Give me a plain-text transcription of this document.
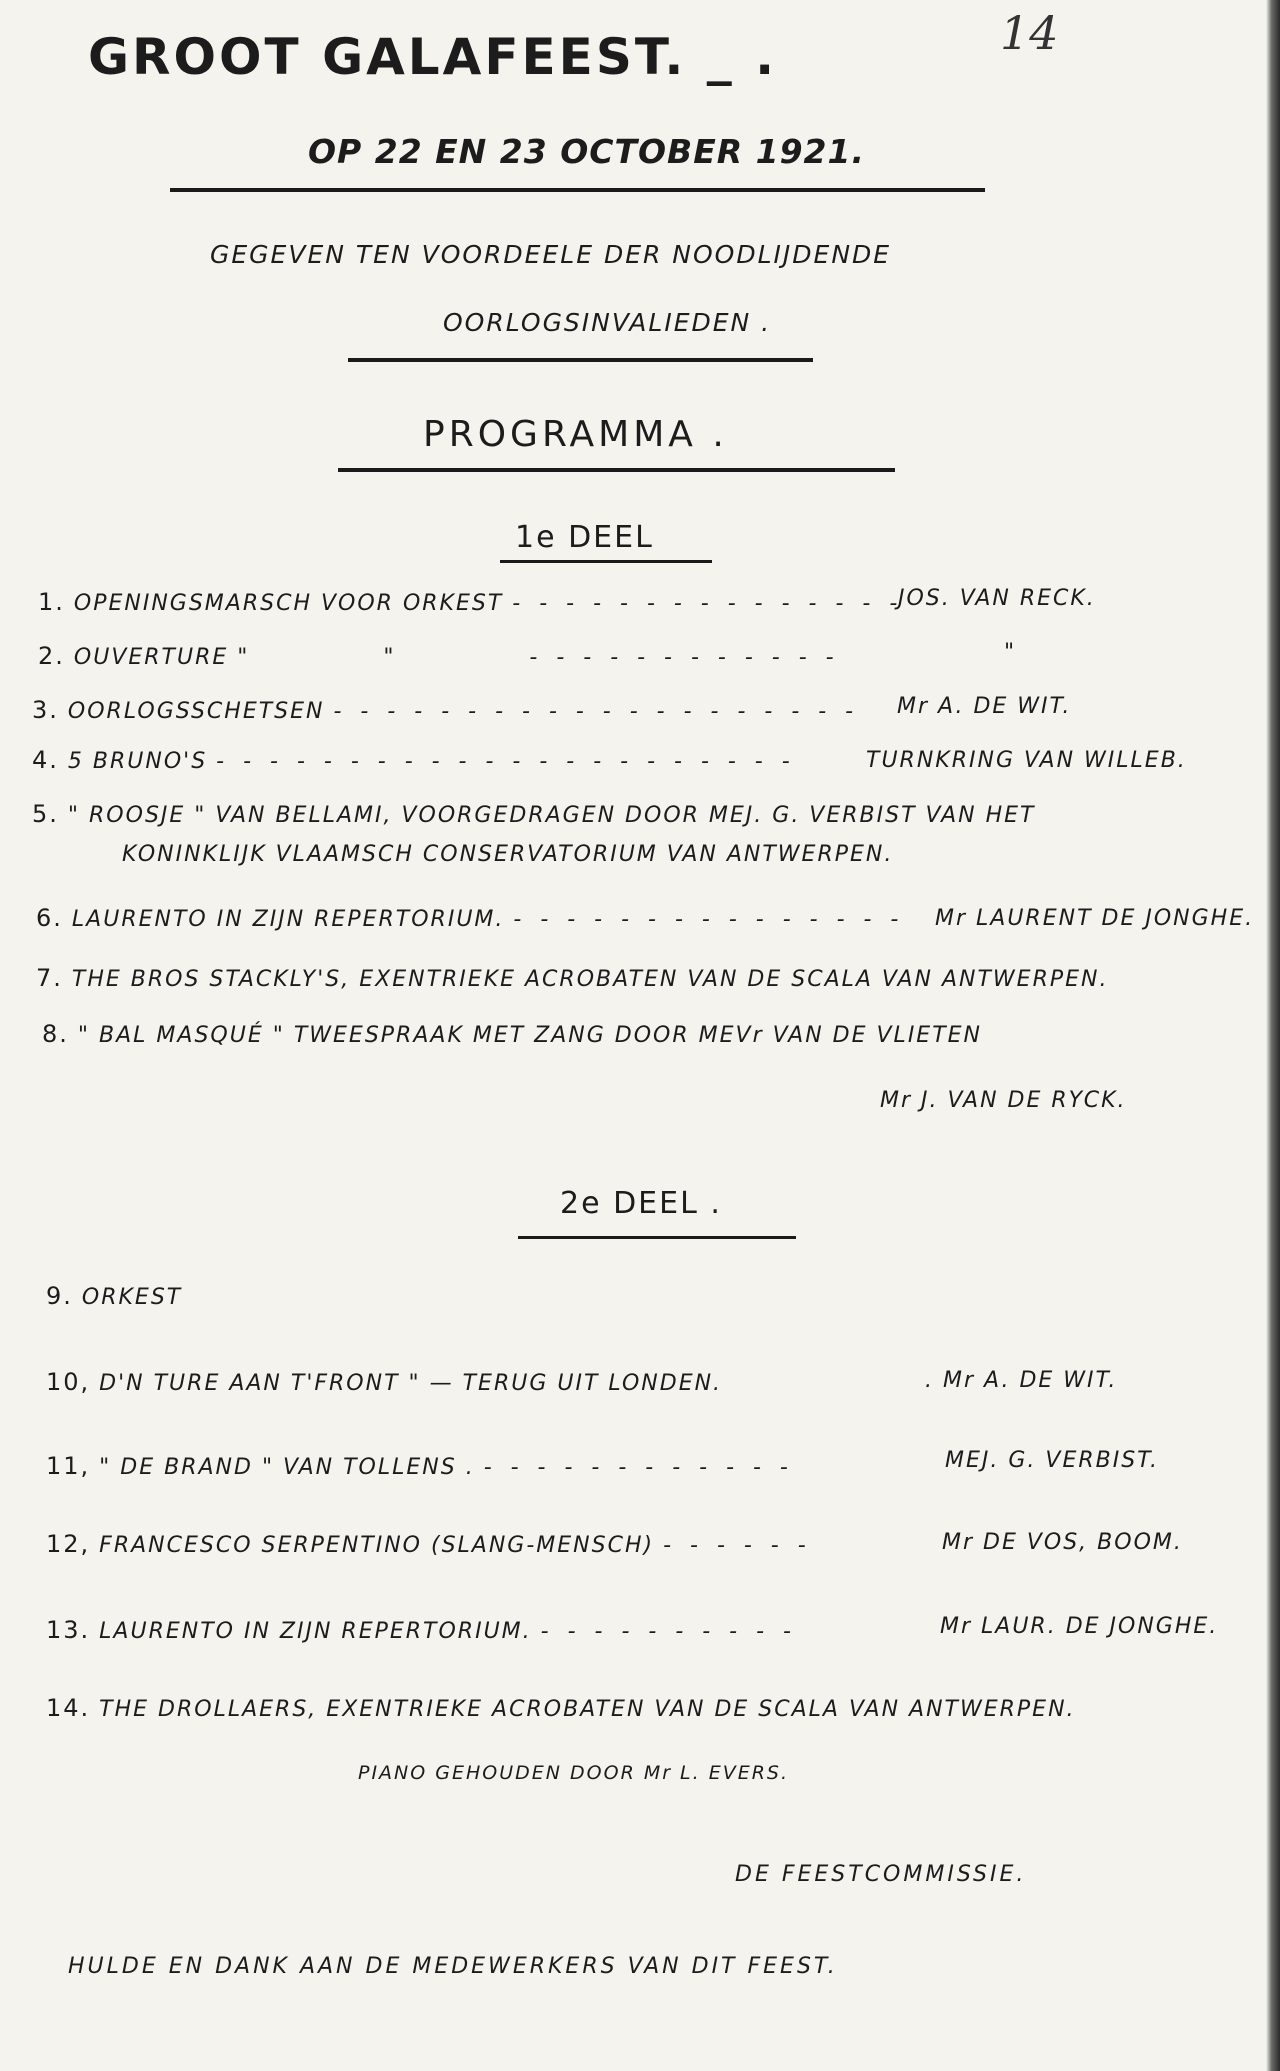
GROOT GALAFEEST. _ .	14
OP 22 EN 23 OCTOBER 1921.
GEGEVEN TEN VOORDEELE DER NOODLIJDENDE
OORLOGSINVALIEDEN .
PROGRAMMA .
1e DEEL
1. OPENINGSMARSCH VOOR ORKEST - - - - - - - - - - - - - - -
JOS. VAN RECK.
2. OUVERTURE "          "          - - - - - - - - - - - -	"
3. OORLOGSSCHETSEN - - - - - - - - - - - - - - - - - - - - Mr A. DE WIT.
4. 5 BRUNO'S - - - - - - - - - - - - - - - - - - - - - -	TURNKRING VAN WILLEB.
5. " ROOSJE " VAN BELLAMI, VOORGEDRAGEN DOOR MEJ. G. VERBIST VAN HET
KONINKLIJK VLAAMSCH CONSERVATORIUM VAN ANTWERPEN.
6. LAURENTO IN ZIJN REPERTORIUM. - - - - - - - - - - - - - - - Mr LAURENT DE JONGHE.
7. THE BROS STACKLY'S, EXENTRIEKE ACROBATEN VAN DE SCALA VAN ANTWERPEN.
8. " BAL MASQUÉ " TWEESPRAAK MET ZANG DOOR MEVr VAN DE VLIETEN
Mr J. VAN DE RYCK.
2e DEEL .
9. ORKEST
10, D'N TURE AAN T'FRONT " — TERUG UIT LONDEN.	. Mr A. DE WIT.
11, " DE BRAND " VAN TOLLENS . - - - - - - - - - - - -	MEJ. G. VERBIST.
12, FRANCESCO SERPENTINO (SLANG-MENSCH) - - - - - -	Mr DE VOS, BOOM.
13. LAURENTO IN ZIJN REPERTORIUM. - - - - - - - - - -	Mr LAUR. DE JONGHE.
14. THE DROLLAERS, EXENTRIEKE ACROBATEN VAN DE SCALA VAN ANTWERPEN.
PIANO GEHOUDEN DOOR Mr L. EVERS.
DE FEESTCOMMISSIE.
HULDE EN DANK AAN DE MEDEWERKERS VAN DIT FEEST.
